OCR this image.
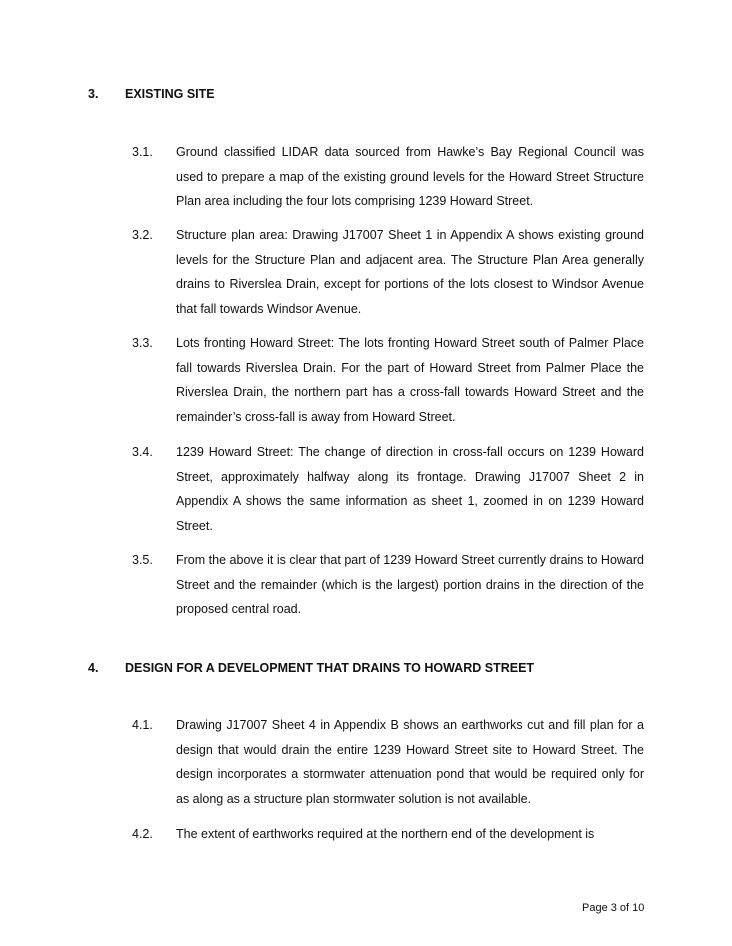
3. EXISTING SITE
3.1. Ground classified LIDAR data sourced from Hawke’s Bay Regional Council was used to prepare a map of the existing ground levels for the Howard Street Structure Plan area including the four lots comprising 1239 Howard Street.
3.2. Structure plan area: Drawing J17007 Sheet 1 in Appendix A shows existing ground levels for the Structure Plan and adjacent area. The Structure Plan Area generally drains to Riverslea Drain, except for portions of the lots closest to Windsor Avenue that fall towards Windsor Avenue.
3.3. Lots fronting Howard Street: The lots fronting Howard Street south of Palmer Place fall towards Riverslea Drain. For the part of Howard Street from Palmer Place the Riverslea Drain, the northern part has a cross-fall towards Howard Street and the remainder’s cross-fall is away from Howard Street.
3.4. 1239 Howard Street: The change of direction in cross-fall occurs on 1239 Howard Street, approximately halfway along its frontage. Drawing J17007 Sheet 2 in Appendix A shows the same information as sheet 1, zoomed in on 1239 Howard Street.
3.5. From the above it is clear that part of 1239 Howard Street currently drains to Howard Street and the remainder (which is the largest) portion drains in the direction of the proposed central road.
4. DESIGN FOR A DEVELOPMENT THAT DRAINS TO HOWARD STREET
4.1. Drawing J17007 Sheet 4 in Appendix B shows an earthworks cut and fill plan for a design that would drain the entire 1239 Howard Street site to Howard Street. The design incorporates a stormwater attenuation pond that would be required only for as along as a structure plan stormwater solution is not available.
4.2. The extent of earthworks required at the northern end of the development is
Page 3 of 10
